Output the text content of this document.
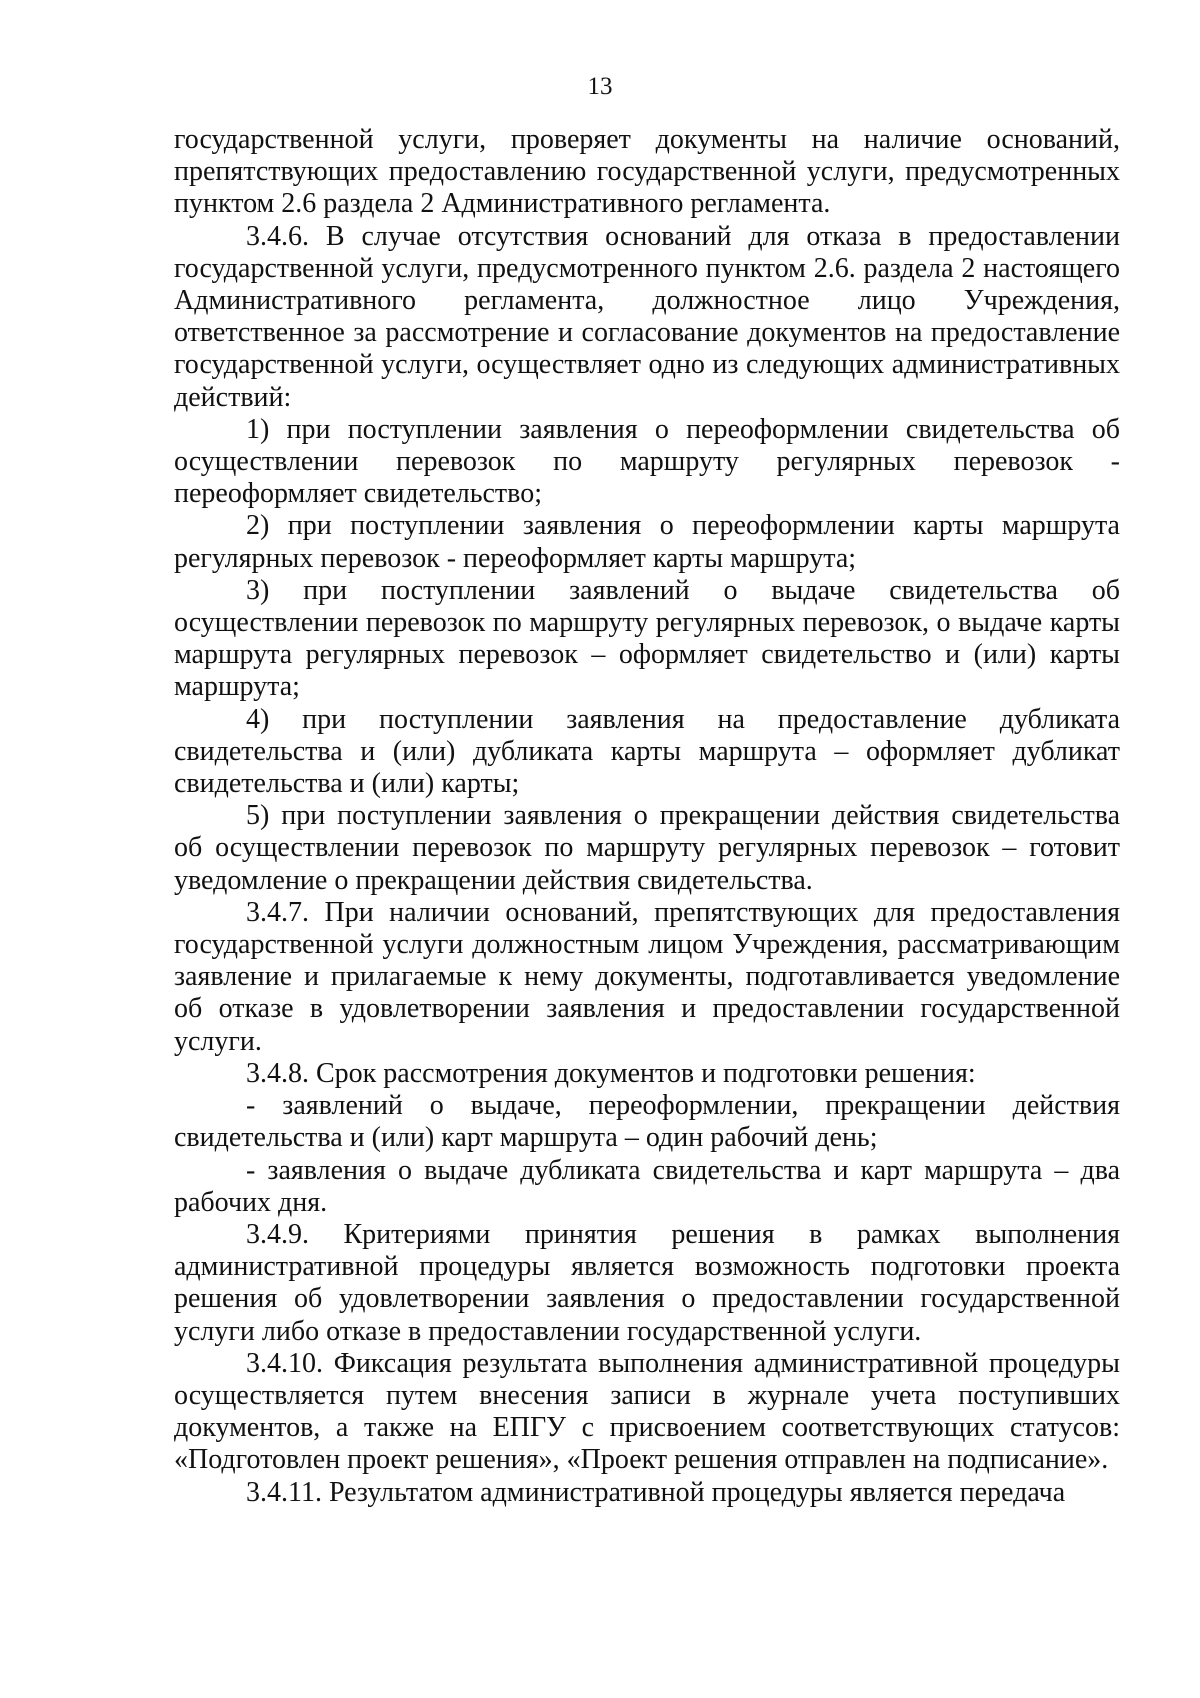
13

государственной услуги, проверяет документы на наличие оснований, препятствующих предоставлению государственной услуги, предусмотренных пунктом 2.6 раздела 2 Административного регламента.

3.4.6. В случае отсутствия оснований для отказа в предоставлении государственной услуги, предусмотренного пунктом 2.6. раздела 2 настоящего Административного регламента, должностное лицо Учреждения, ответственное за рассмотрение и согласование документов на предоставление государственной услуги, осуществляет одно из следующих административных действий:

1) при поступлении заявления о переоформлении свидетельства об осуществлении перевозок по маршруту регулярных перевозок - переоформляет свидетельство;

2) при поступлении заявления о переоформлении карты маршрута регулярных перевозок - переоформляет карты маршрута;

3) при поступлении заявлений о выдаче свидетельства об осуществлении перевозок по маршруту регулярных перевозок, о выдаче карты маршрута регулярных перевозок – оформляет свидетельство и (или) карты маршрута;

4) при поступлении заявления на предоставление дубликата свидетельства и (или) дубликата карты маршрута – оформляет дубликат свидетельства и (или) карты;

5) при поступлении заявления о прекращении действия свидетельства об осуществлении перевозок по маршруту регулярных перевозок – готовит уведомление о прекращении действия свидетельства.

3.4.7. При наличии оснований, препятствующих для предоставления государственной услуги должностным лицом Учреждения, рассматривающим заявление и прилагаемые к нему документы, подготавливается уведомление об отказе в удовлетворении заявления и предоставлении государственной услуги.

3.4.8. Срок рассмотрения документов и подготовки решения:

- заявлений о выдаче, переоформлении, прекращении действия свидетельства и (или) карт маршрута – один рабочий день;

- заявления о выдаче дубликата свидетельства и карт маршрута – два рабочих дня.

3.4.9. Критериями принятия решения в рамках выполнения административной процедуры является возможность подготовки проекта решения об удовлетворении заявления о предоставлении государственной услуги либо отказе в предоставлении государственной услуги.

3.4.10. Фиксация результата выполнения административной процедуры осуществляется путем внесения записи в журнале учета поступивших документов, а также на ЕПГУ с присвоением соответствующих статусов: «Подготовлен проект решения», «Проект решения отправлен на подписание».

3.4.11. Результатом административной процедуры является передача
